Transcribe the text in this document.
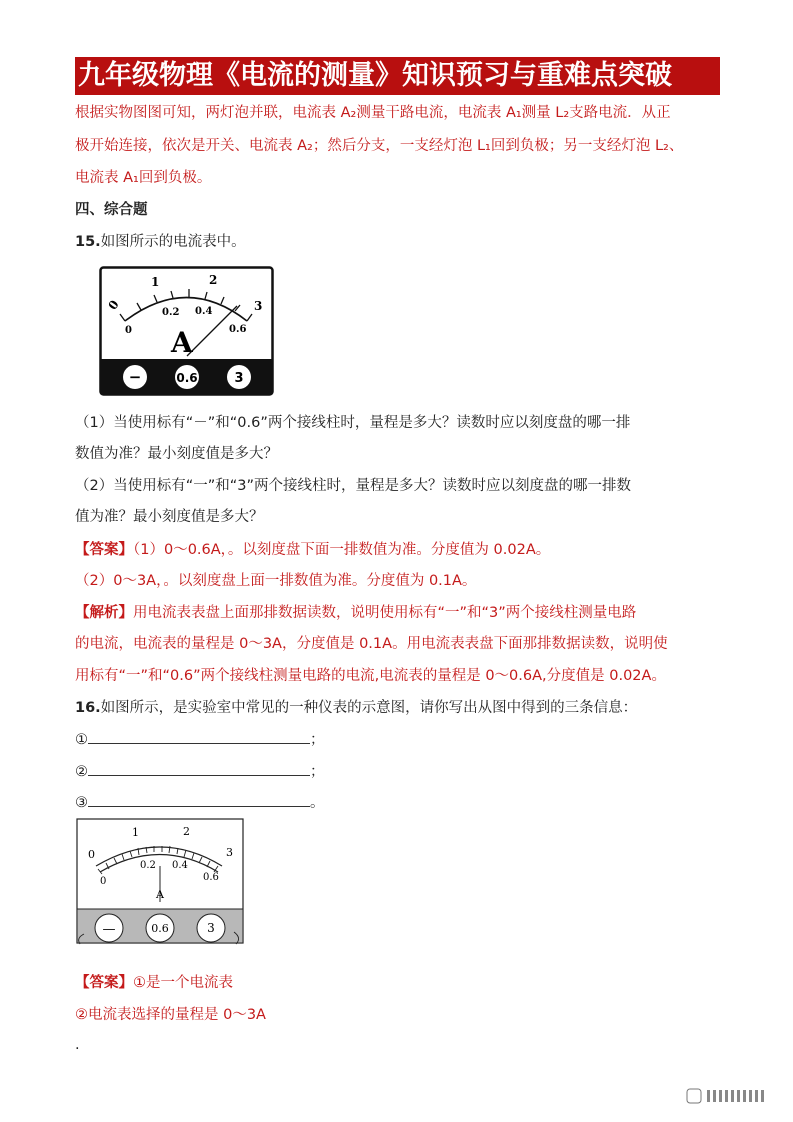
九年级物理《电流的测量》知识预习与重难点突破
根据实物图图可知，两灯泡并联，电流表 A₂测量干路电流，电流表 A₁测量 L₂支路电流．从正
极开始连接，依次是开关、电流表 A₂；然后分支，一支经灯泡 L₁回到负极；另一支经灯泡 L₂、
电流表 A₁回到负极。
四、综合题
15.如图所示的电流表中。
0
1	2
3
0
0.2 0.4
0.6
A
−	0.6	3
（1）当使用标有“－”和“0.6”两个接线柱时，量程是多大？读数时应以刻度盘的哪一排
数值为准？最小刻度值是多大？
（2）当使用标有“一”和“3”两个接线柱时，量程是多大？读数时应以刻度盘的哪一排数
值为准？最小刻度值是多大？
【答案】（1）0～0.6A，。以刻度盘下面一排数值为准。分度值为 0.02A。
（2）0～3A，。以刻度盘上面一排数值为准。分度值为 0.1A。
【解析】用电流表表盘上面那排数据读数，说明使用标有“一”和“3”两个接线柱测量电路
的电流，电流表的量程是 0～3A，分度值是 0.1A。用电流表表盘下面那排数据读数，说明使
用标有“一”和“0.6”两个接线柱测量电路的电流,电流表的量程是 0～0.6A,分度值是 0.02A。
16.如图所示，是实验室中常见的一种仪表的示意图，请你写出从图中得到的三条信息：
①	；
②	；
③	。
0
1	2
3
0
0.2 0.4
0.6
A
—	0.6	3
【答案】①是一个电流表
②电流表选择的量程是 0～3A
.
